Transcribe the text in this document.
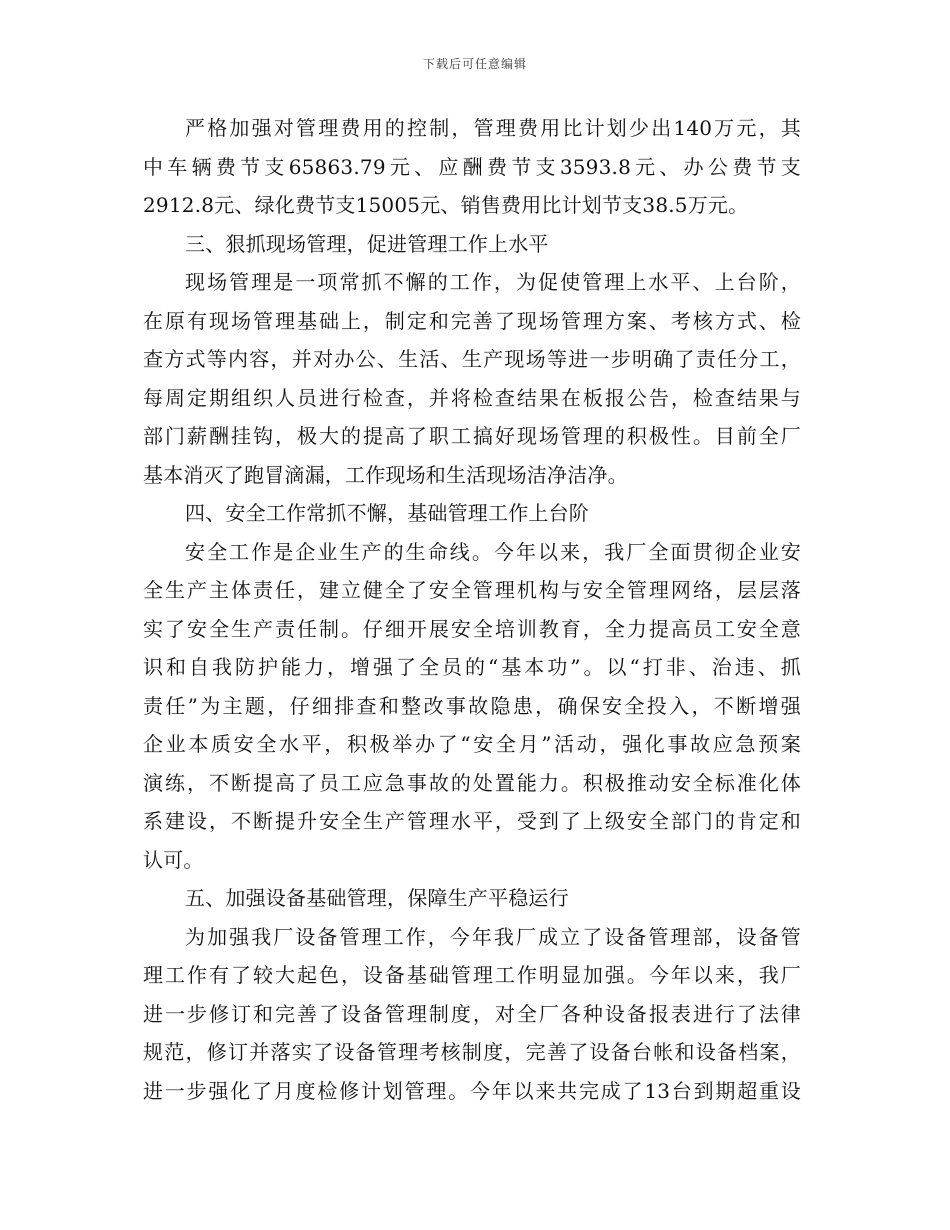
下载后可任意编辑
严格加强对管理费用的控制，管理费用比计划少出140万元，其
中车辆费节支65863.79元、应酬费节支3593.8元、办公费节支
2912.8元、绿化费节支15005元、销售费用比计划节支38.5万元。
三、狠抓现场管理，促进管理工作上水平
现场管理是一项常抓不懈的工作，为促使管理上水平、上台阶，
在原有现场管理基础上，制定和完善了现场管理方案、考核方式、检
查方式等内容，并对办公、生活、生产现场等进一步明确了责任分工，
每周定期组织人员进行检查，并将检查结果在板报公告，检查结果与
部门薪酬挂钩，极大的提高了职工搞好现场管理的积极性。目前全厂
基本消灭了跑冒滴漏，工作现场和生活现场洁净洁净。
四、安全工作常抓不懈，基础管理工作上台阶
安全工作是企业生产的生命线。今年以来，我厂全面贯彻企业安
全生产主体责任，建立健全了安全管理机构与安全管理网络，层层落
实了安全生产责任制。仔细开展安全培训教育，全力提高员工安全意
识和自我防护能力，增强了全员的“基本功”。以“打非、治违、抓
责任”为主题，仔细排查和整改事故隐患，确保安全投入，不断增强
企业本质安全水平，积极举办了“安全月”活动，强化事故应急预案
演练，不断提高了员工应急事故的处置能力。积极推动安全标准化体
系建设，不断提升安全生产管理水平，受到了上级安全部门的肯定和
认可。
五、加强设备基础管理，保障生产平稳运行
为加强我厂设备管理工作，今年我厂成立了设备管理部，设备管
理工作有了较大起色，设备基础管理工作明显加强。今年以来，我厂
进一步修订和完善了设备管理制度，对全厂各种设备报表进行了法律
规范，修订并落实了设备管理考核制度，完善了设备台帐和设备档案，
进一步强化了月度检修计划管理。今年以来共完成了13台到期超重设
